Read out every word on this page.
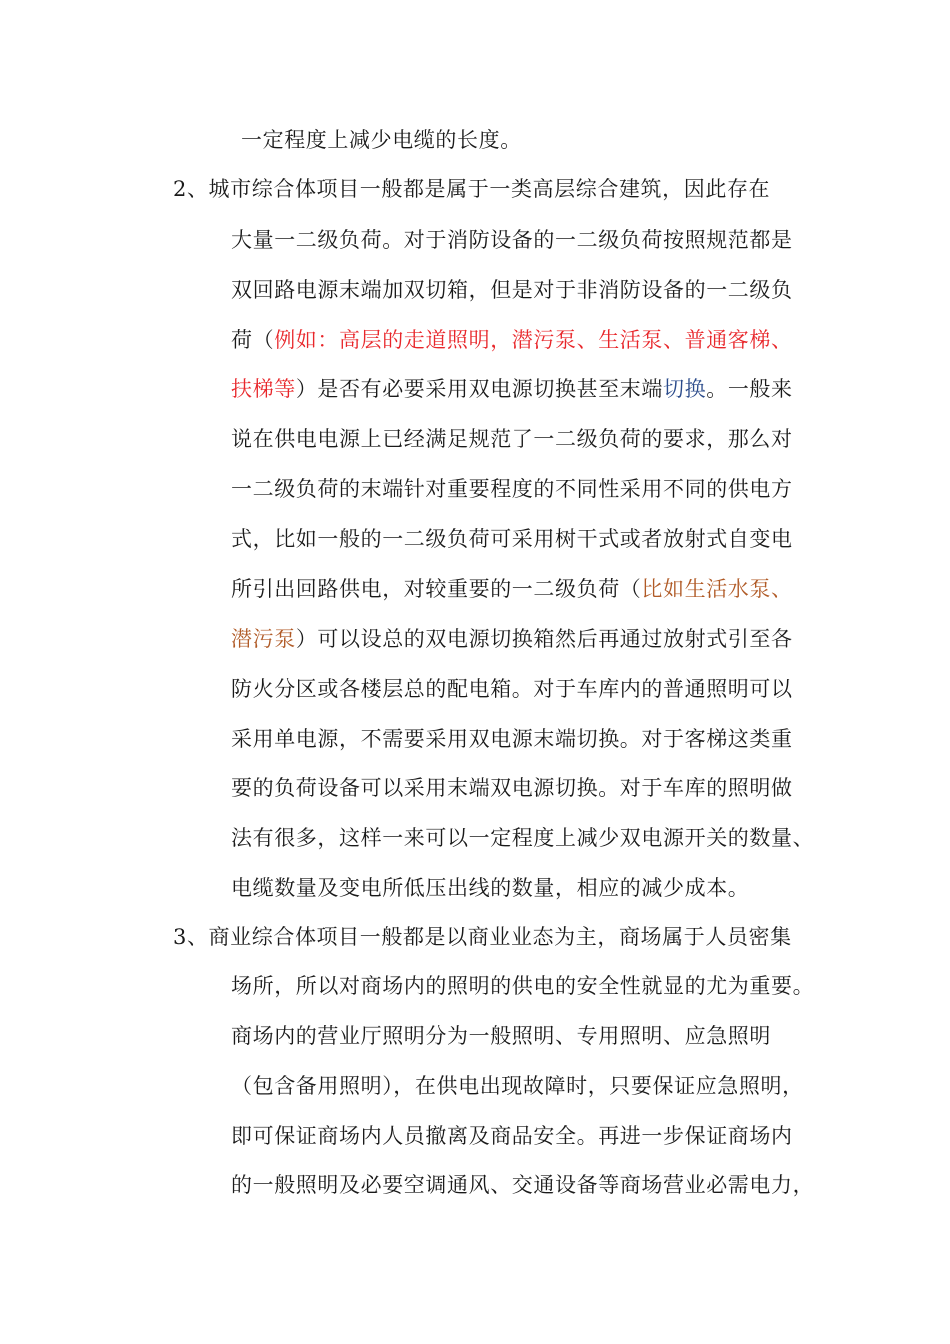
一定程度上减少电缆的长度。
2、城市综合体项目一般都是属于一类高层综合建筑，因此存在
大量一二级负荷。对于消防设备的一二级负荷按照规范都是
双回路电源末端加双切箱，但是对于非消防设备的一二级负
荷（例如：高层的走道照明，潜污泵、生活泵、普通客梯、
扶梯等）是否有必要采用双电源切换甚至末端切换。一般来
说在供电电源上已经满足规范了一二级负荷的要求，那么对
一二级负荷的末端针对重要程度的不同性采用不同的供电方
式，比如一般的一二级负荷可采用树干式或者放射式自变电
所引出回路供电，对较重要的一二级负荷（比如生活水泵、
潜污泵）可以设总的双电源切换箱然后再通过放射式引至各
防火分区或各楼层总的配电箱。对于车库内的普通照明可以
采用单电源，不需要采用双电源末端切换。对于客梯这类重
要的负荷设备可以采用末端双电源切换。对于车库的照明做
法有很多，这样一来可以一定程度上减少双电源开关的数量、
电缆数量及变电所低压出线的数量，相应的减少成本。
3、商业综合体项目一般都是以商业业态为主，商场属于人员密集
场所，所以对商场内的照明的供电的安全性就显的尤为重要。
商场内的营业厅照明分为一般照明、专用照明、应急照明
（包含备用照明），在供电出现故障时，只要保证应急照明，
即可保证商场内人员撤离及商品安全。再进一步保证商场内
的一般照明及必要空调通风、交通设备等商场营业必需电力，
